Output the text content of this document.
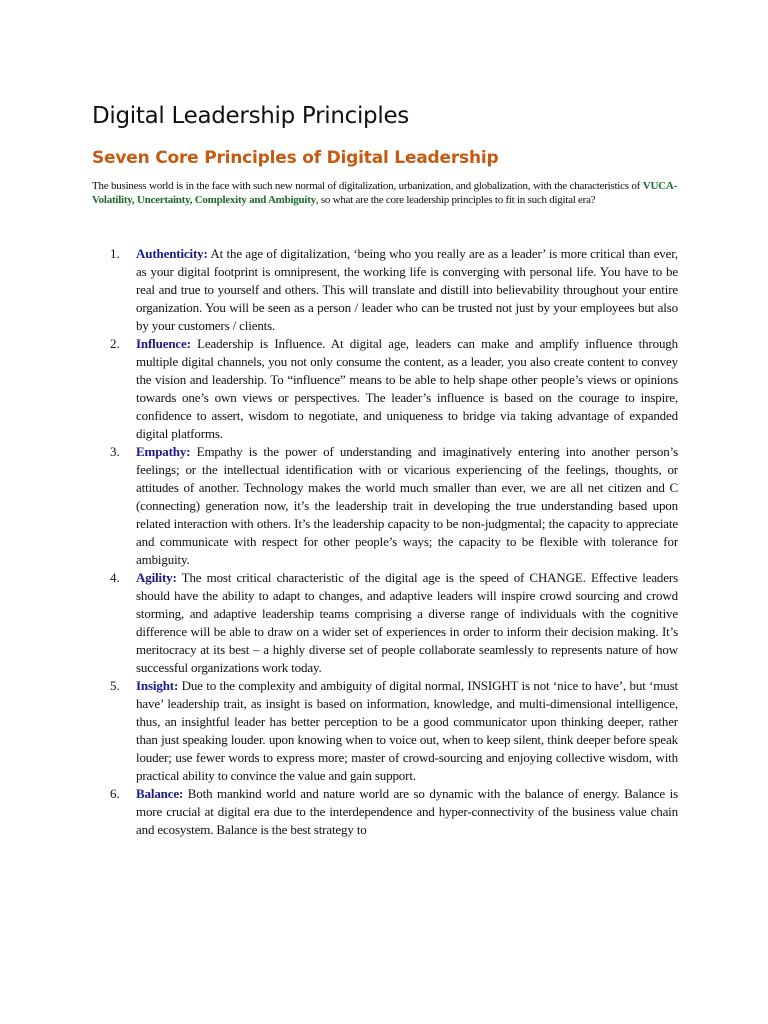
Digital Leadership Principles
Seven Core Principles of Digital Leadership

The business world is in the face with such new normal of digitalization, urbanization, and globalization, with the characteristics of VUCA-Volatility, Uncertainty, Complexity and Ambiguity, so what are the core leadership principles to fit in such digital era?

1.	Authenticity: At the age of digitalization, ‘being who you really are as a leader’ is more critical than ever, as your digital footprint is omnipresent, the working life is converging with personal life. You have to be real and true to yourself and others. This will translate and distill into believability throughout your entire organization. You will be seen as a person / leader who can be trusted not just by your employees but also by your customers / clients.
2.	Influence: Leadership is Influence. At digital age, leaders can make and amplify influence through multiple digital channels, you not only consume the content, as a leader, you also create content to convey the vision and leadership. To “influence” means to be able to help shape other people’s views or opinions towards one’s own views or perspectives. The leader’s influence is based on the courage to inspire, confidence to assert, wisdom to negotiate, and uniqueness to bridge via taking advantage of expanded digital platforms.
3.	Empathy: Empathy is the power of understanding and imaginatively entering into another person’s feelings; or the intellectual identification with or vicarious experiencing of the feelings, thoughts, or attitudes of another. Technology makes the world much smaller than ever, we are all net citizen and C (connecting) generation now, it’s the leadership trait in developing the true understanding based upon related interaction with others. It’s the leadership capacity to be non-judgmental; the capacity to appreciate and communicate with respect for other people’s ways; the capacity to be flexible with tolerance for ambiguity.
4.	Agility: The most critical characteristic of the digital age is the speed of CHANGE. Effective leaders should have the ability to adapt to changes, and adaptive leaders will inspire crowd sourcing and crowd storming, and adaptive leadership teams comprising a diverse range of individuals with the cognitive difference will be able to draw on a wider set of experiences in order to inform their decision making. It’s meritocracy at its best – a highly diverse set of people collaborate seamlessly to represents nature of how successful organizations work today.
5.	Insight: Due to the complexity and ambiguity of digital normal, INSIGHT is not ‘nice to have’, but ‘must have’ leadership trait, as insight is based on information, knowledge, and multi-dimensional intelligence, thus, an insightful leader has better perception to be a good communicator upon thinking deeper, rather than just speaking louder. upon knowing when to voice out, when to keep silent, think deeper before speak louder; use fewer words to express more; master of crowd-sourcing and enjoying collective wisdom, with practical ability to convince the value and gain support.
6.	Balance: Both mankind world and nature world are so dynamic with the balance of energy. Balance is more crucial at digital era due to the interdependence and hyper-connectivity of the business value chain and ecosystem. Balance is the best strategy to
